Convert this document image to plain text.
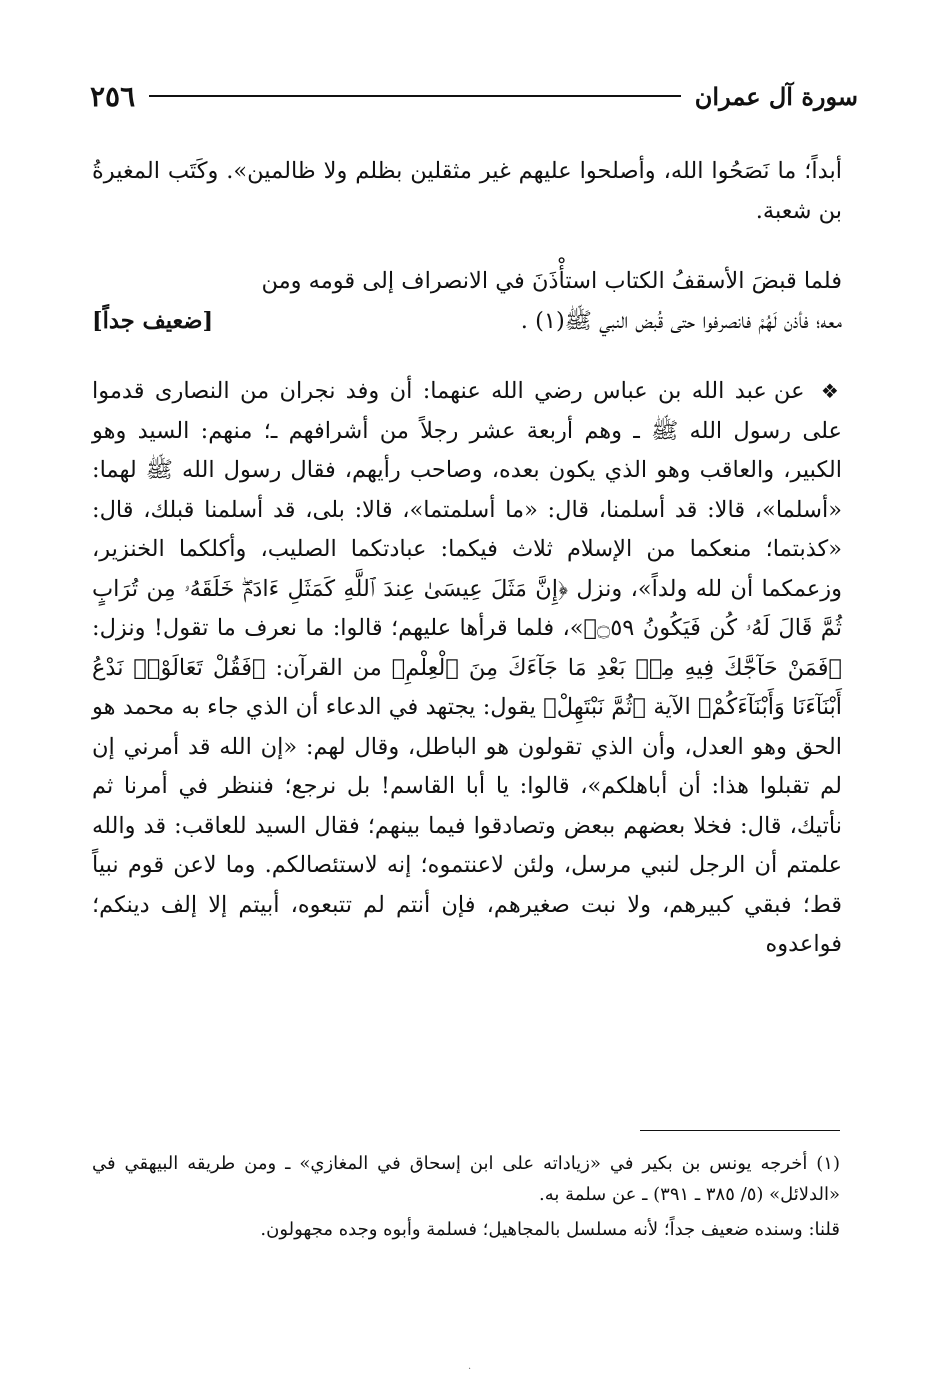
٢٥٦	سورة آل عمران
أبداً؛ ما نَصَحُوا الله، وأصلحوا عليهم غير مثقلين بظلم ولا ظالمين». وكَتَب المغيرةُ بن شعبة.
فلما قبضَ الأسقفُ الكتاب استأْذَنَ في الانصراف إلى قومه ومن
معه؛ فأذن لَهُمْ فانصرفوا حتى قُبض النبي ﷺ(١) .
[ضعيف جداً]
❖ عن عبد الله بن عباس رضي الله عنهما: أن وفد نجران من النصارى قدموا على رسول الله ﷺ ـ وهم أربعة عشر رجلاً من أشرافهم ـ؛ منهم: السيد وهو الكبير، والعاقب وهو الذي يكون بعده، وصاحب رأيهم، فقال رسول الله ﷺ لهما: «أسلما»، قالا: قد أسلمنا، قال: «ما أسلمتما»، قالا: بلى، قد أسلمنا قبلك، قال: «كذبتما؛ منعكما من الإسلام ثلاث فيكما: عبادتكما الصليب، وأكلكما الخنزير، وزعمكما أن لله ولداً»، ونزل ﴿إِنَّ مَثَلَ عِيسَىٰ عِندَ ٱللَّهِ كَمَثَلِ ءَادَمَۖ خَلَقَهُۥ مِن تُرَابٍ ثُمَّ قَالَ لَهُۥ كُن فَيَكُونُ ۝٥٩﴾»، فلما قرأها عليهم؛ قالوا: ما نعرف ما تقول! ونزل: ﴿فَمَنْ حَآجَّكَ فِيهِ مِنۢ بَعْدِ مَا جَآءَكَ مِنَ ٱلْعِلْمِ﴾ من القرآن: ﴿فَقُلْ تَعَالَوْا۟ نَدْعُ أَبْنَآءَنَا وَأَبْنَآءَكُمْ﴾ الآية ﴿ثُمَّ نَبْتَهِلْ﴾ يقول: يجتهد في الدعاء أن الذي جاء به محمد هو الحق وهو العدل، وأن الذي تقولون هو الباطل، وقال لهم: «إن الله قد أمرني إن لم تقبلوا هذا: أن أباهلكم»، قالوا: يا أبا القاسم! بل نرجع؛ فننظر في أمرنا ثم نأتيك، قال: فخلا بعضهم ببعض وتصادقوا فيما بينهم؛ فقال السيد للعاقب: قد والله علمتم أن الرجل لنبي مرسل، ولئن لاعنتموه؛ إنه لاستئصالكم. وما لاعن قوم نبياً قط؛ فبقي كبيرهم، ولا نبت صغيرهم، فإن أنتم لم تتبعوه، أبيتم إلا إلف دينكم؛ فواعدوه

(١) أخرجه يونس بن بكير في «زياداته على ابن إسحاق في المغازي» ـ ومن طريقه البيهقي في «الدلائل» (٥/ ٣٨٥ ـ ٣٩١) ـ عن سلمة به.

قلنا: وسنده ضعيف جداً؛ لأنه مسلسل بالمجاهيل؛ فسلمة وأبوه وجده مجهولون.

·
